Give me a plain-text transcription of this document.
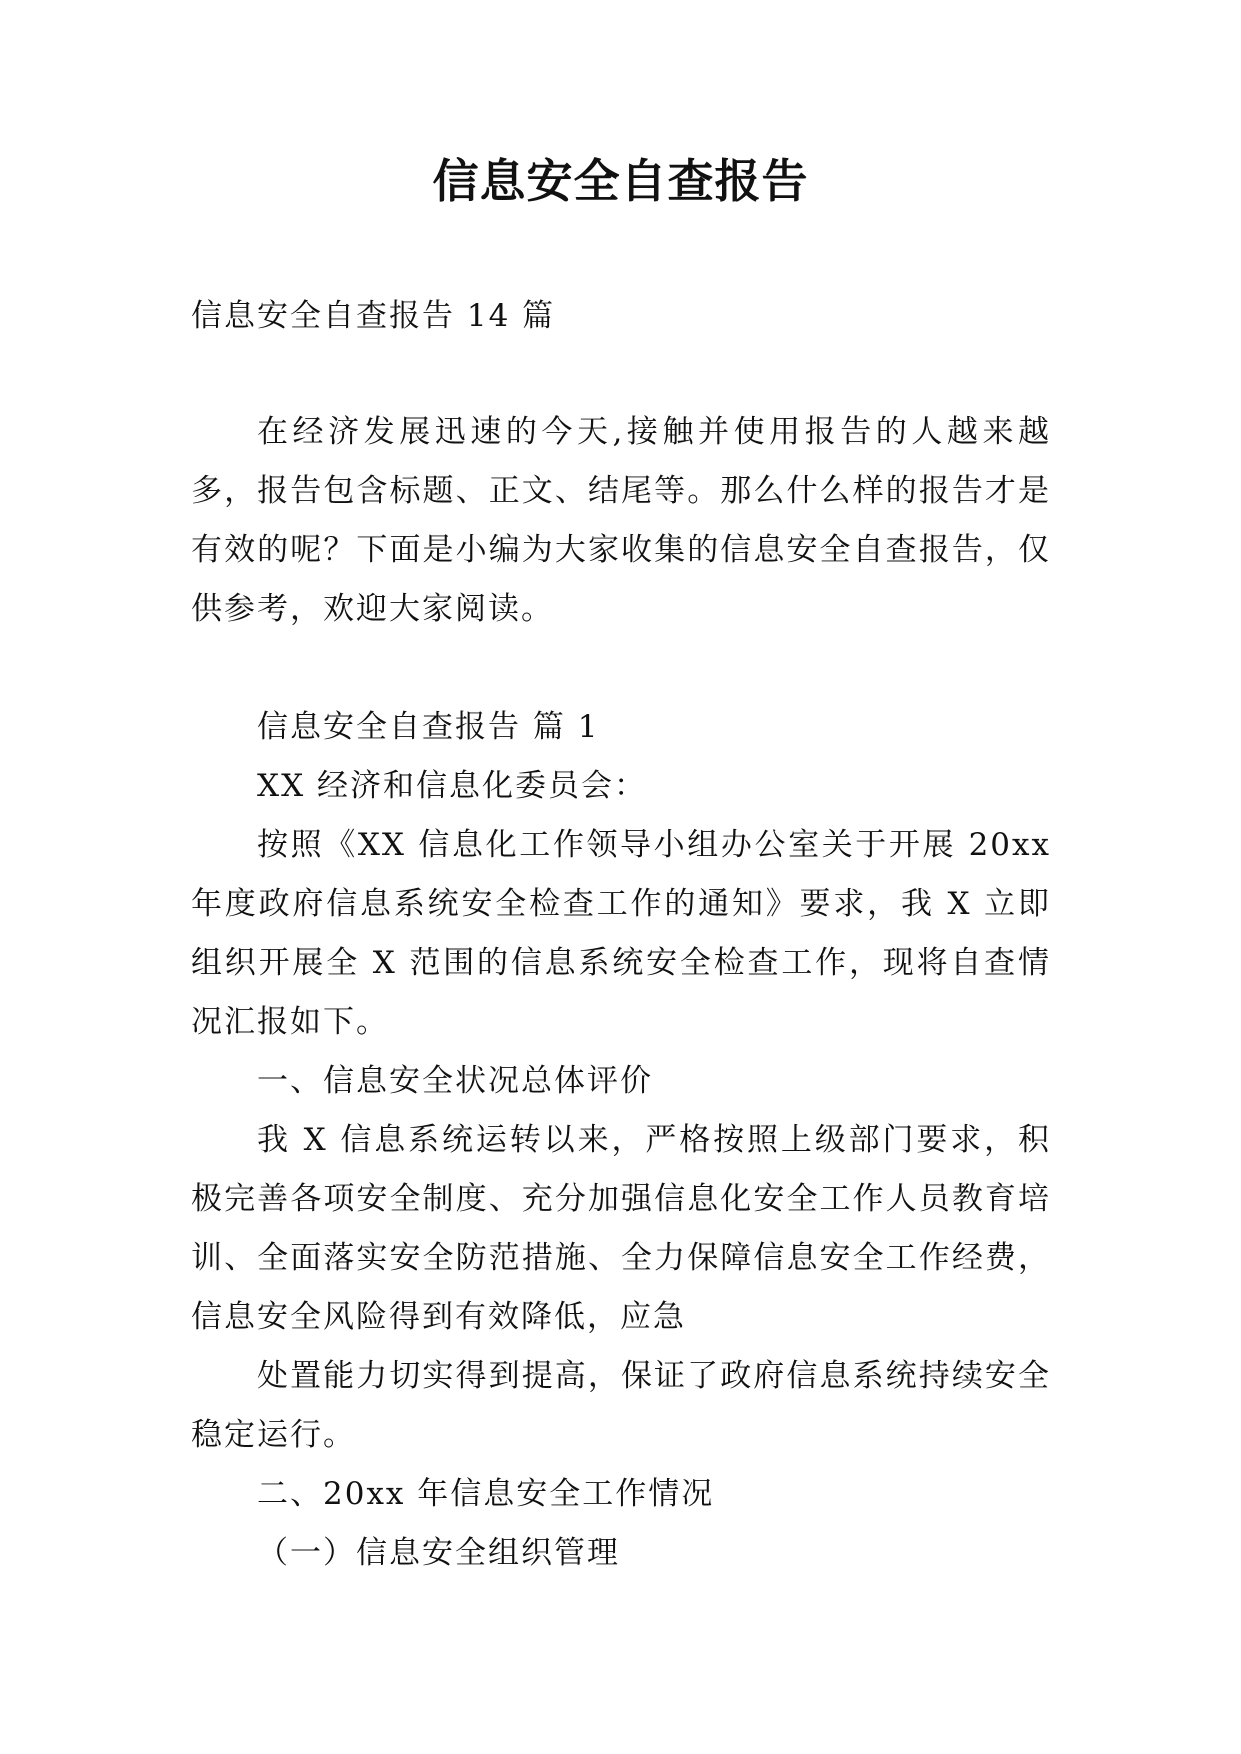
信息安全自查报告

信息安全自查报告 14 篇

在经济发展迅速的今天,接触并使用报告的人越来越多，报告包含标题、正文、结尾等。那么什么样的报告才是有效的呢？下面是小编为大家收集的信息安全自查报告，仅供参考，欢迎大家阅读。

信息安全自查报告 篇 1

XX 经济和信息化委员会：

按照《XX 信息化工作领导小组办公室关于开展 20xx 年度政府信息系统安全检查工作的通知》要求，我 X 立即组织开展全 X 范围的信息系统安全检查工作，现将自查情况汇报如下。

一、信息安全状况总体评价

我 X 信息系统运转以来，严格按照上级部门要求，积极完善各项安全制度、充分加强信息化安全工作人员教育培训、全面落实安全防范措施、全力保障信息安全工作经费，信息安全风险得到有效降低，应急

处置能力切实得到提高，保证了政府信息系统持续安全稳定运行。

二、20xx 年信息安全工作情况

（一）信息安全组织管理
